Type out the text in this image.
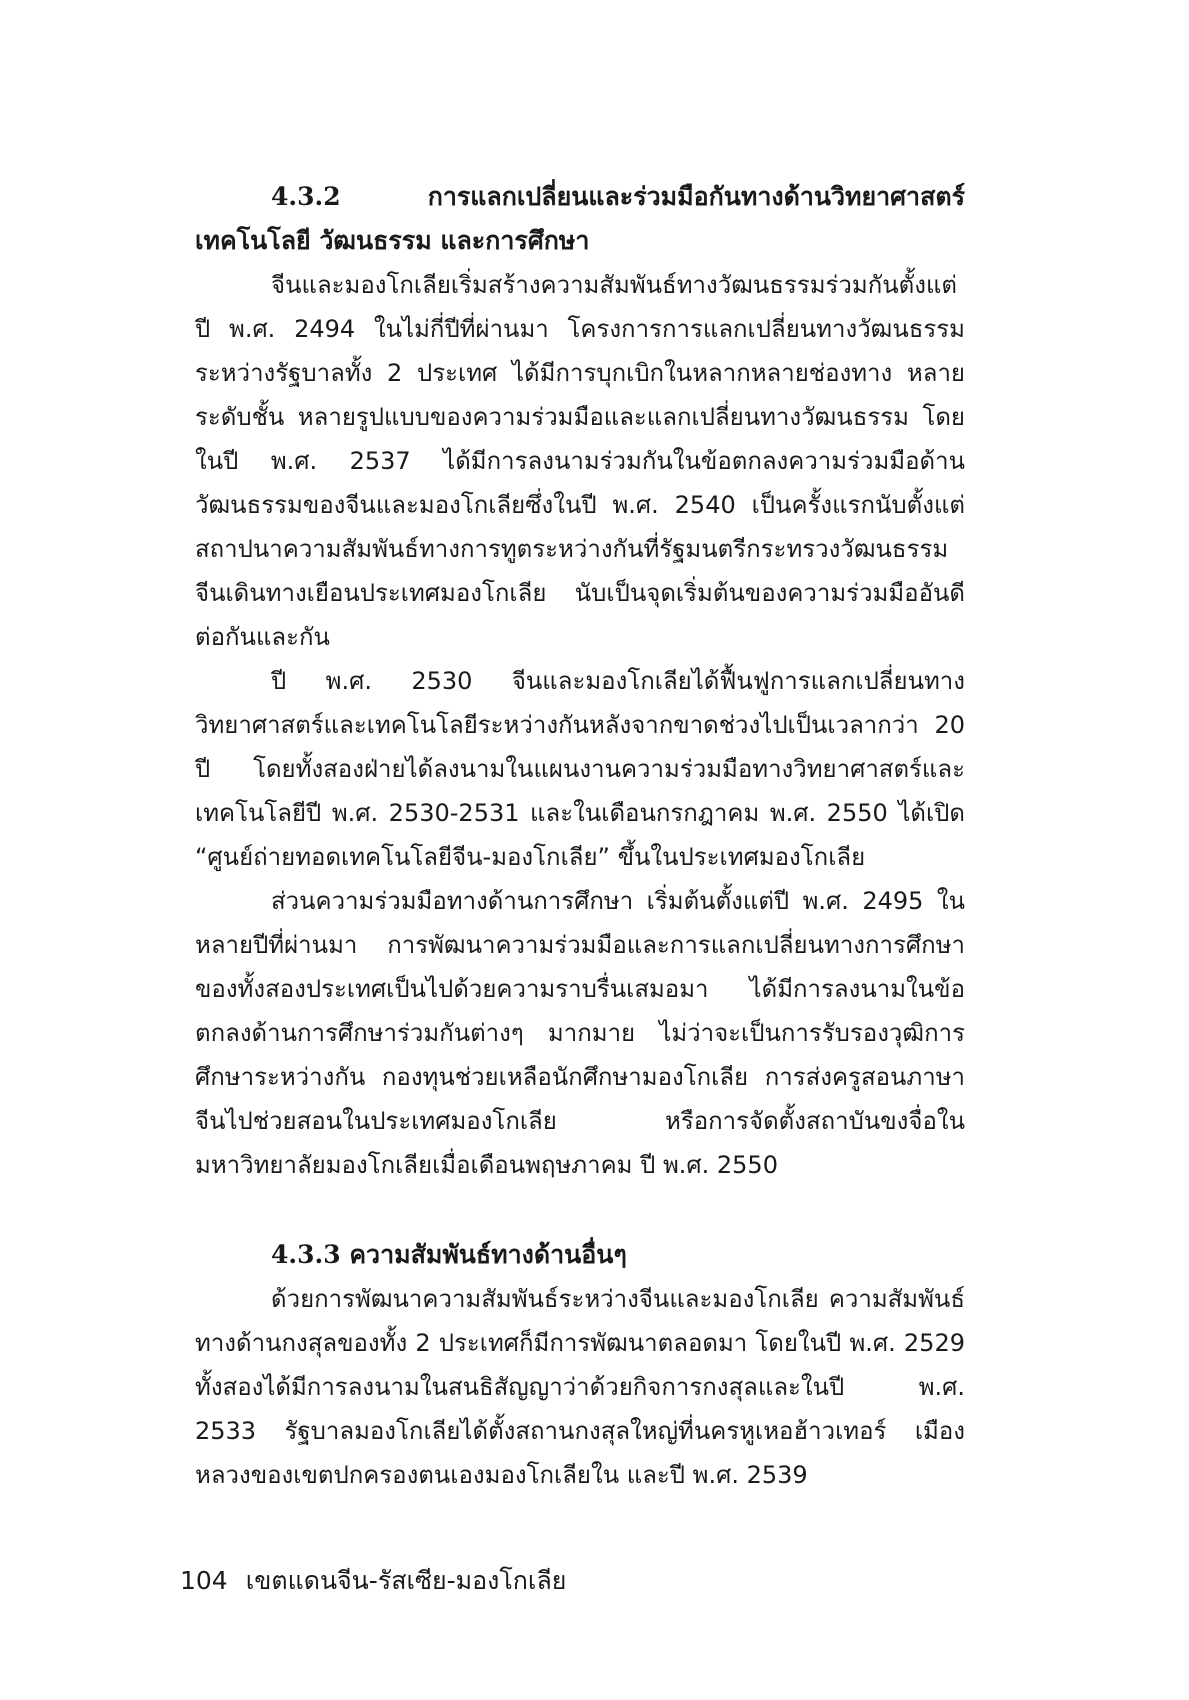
4.3.2	การแลกเปลี่ยนและร่วมมือกันทางด้านวิทยาศาสตร์ เทคโนโลยี วัฒนธรรม และการศึกษา

จีนและมองโกเลียเริ่มสร้างความสัมพันธ์ทางวัฒนธรรมร่วมกันตั้งแต่ปี พ.ศ. 2494 ในไม่กี่ปีที่ผ่านมา โครงการการแลกเปลี่ยนทางวัฒนธรรมระหว่างรัฐบาลทั้ง 2 ประเทศ ได้มีการบุกเบิกในหลากหลายช่องทาง หลายระดับชั้น หลายรูปแบบของความร่วมมือและแลกเปลี่ยนทางวัฒนธรรม โดยในปี พ.ศ. 2537 ได้มีการลงนามร่วมกันในข้อตกลงความร่วมมือด้านวัฒนธรรมของจีนและมองโกเลียซึ่งในปี พ.ศ. 2540 เป็นครั้งแรกนับตั้งแต่สถาปนาความสัมพันธ์ทางการทูตระหว่างกันที่รัฐมนตรีกระทรวงวัฒนธรรมจีนเดินทางเยือนประเทศมองโกเลีย นับเป็นจุดเริ่มต้นของความร่วมมืออันดีต่อกันและกัน

ปี พ.ศ. 2530 จีนและมองโกเลียได้ฟื้นฟูการแลกเปลี่ยนทางวิทยาศาสตร์และเทคโนโลยีระหว่างกันหลังจากขาดช่วงไปเป็นเวลากว่า 20 ปี โดยทั้งสองฝ่ายได้ลงนามในแผนงานความร่วมมือทางวิทยาศาสตร์และเทคโนโลยีปี พ.ศ. 2530-2531 และในเดือนกรกฎาคม พ.ศ. 2550 ได้เปิด “ศูนย์ถ่ายทอดเทคโนโลยีจีน-มองโกเลีย” ขึ้นในประเทศมองโกเลีย

ส่วนความร่วมมือทางด้านการศึกษา เริ่มต้นตั้งแต่ปี พ.ศ. 2495 ในหลายปีที่ผ่านมา การพัฒนาความร่วมมือและการแลกเปลี่ยนทางการศึกษาของทั้งสองประเทศเป็นไปด้วยความราบรื่นเสมอมา ได้มีการลงนามในข้อตกลงด้านการศึกษาร่วมกันต่างๆ มากมาย ไม่ว่าจะเป็นการรับรองวุฒิการศึกษาระหว่างกัน กองทุนช่วยเหลือนักศึกษามองโกเลีย การส่งครูสอนภาษาจีนไปช่วยสอนในประเทศมองโกเลีย หรือการจัดตั้งสถาบันขงจื่อในมหาวิทยาลัยมองโกเลียเมื่อเดือนพฤษภาคม ปี พ.ศ. 2550

4.3.3 ความสัมพันธ์ทางด้านอื่นๆ

ด้วยการพัฒนาความสัมพันธ์ระหว่างจีนและมองโกเลีย ความสัมพันธ์ทางด้านกงสุลของทั้ง 2 ประเทศก็มีการพัฒนาตลอดมา โดยในปี พ.ศ. 2529 ทั้งสองได้มีการลงนามในสนธิสัญญาว่าด้วยกิจการกงสุลและในปี พ.ศ. 2533 รัฐบาลมองโกเลียได้ตั้งสถานกงสุลใหญ่ที่นครหูเหอฮ้าวเทอร์ เมืองหลวงของเขตปกครองตนเองมองโกเลียใน และปี พ.ศ. 2539

104 เขตแดนจีน-รัสเซีย-มองโกเลีย
